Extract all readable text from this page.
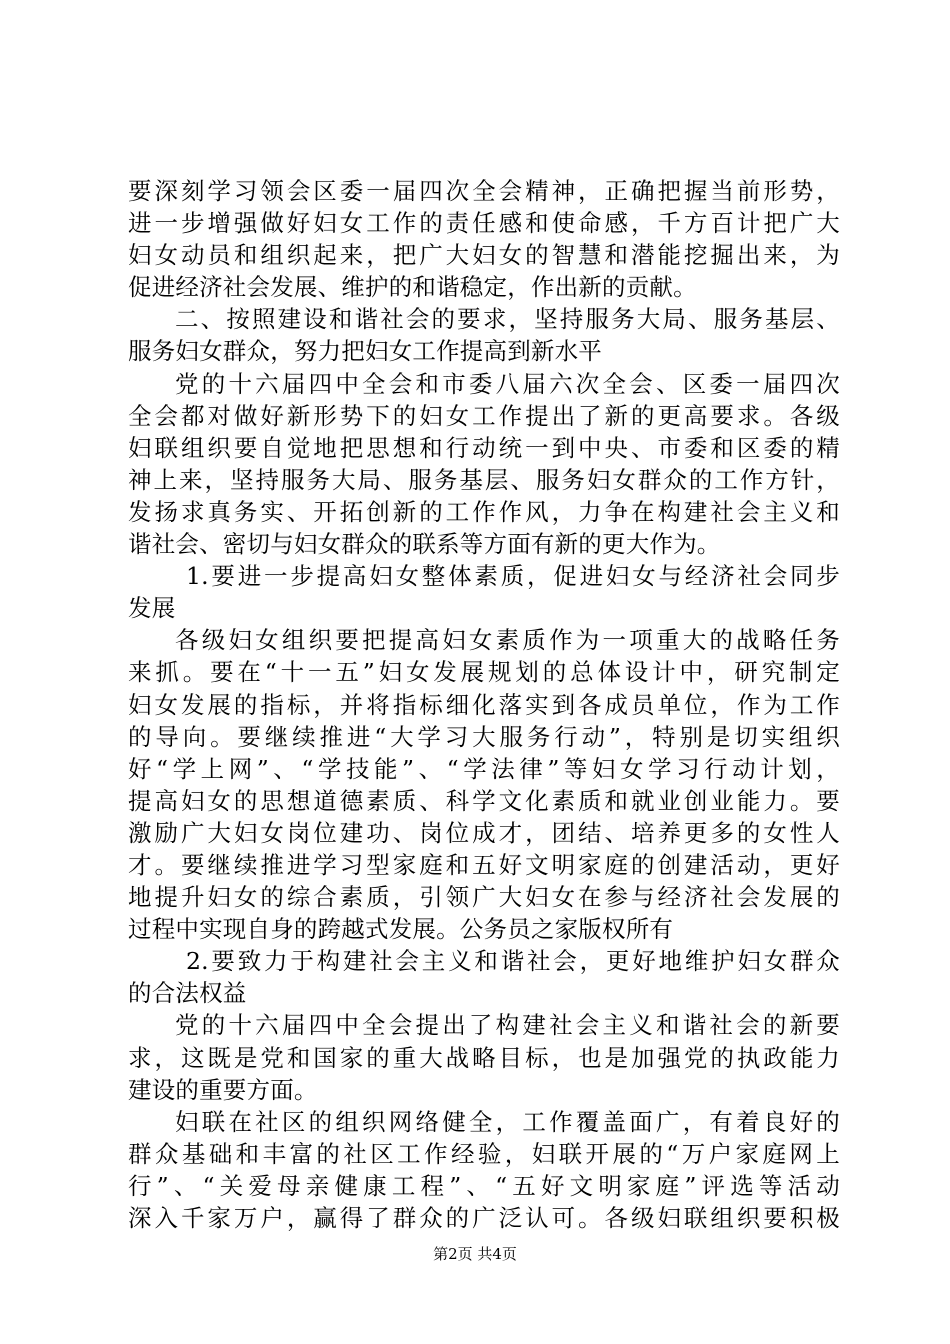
要深刻学习领会区委一届四次全会精神，正确把握当前形势，
进一步增强做好妇女工作的责任感和使命感，千方百计把广大
妇女动员和组织起来，把广大妇女的智慧和潜能挖掘出来，为
促进经济社会发展、维护的和谐稳定，作出新的贡献。
二、按照建设和谐社会的要求，坚持服务大局、服务基层、
服务妇女群众，努力把妇女工作提高到新水平
党的十六届四中全会和市委八届六次全会、区委一届四次
全会都对做好新形势下的妇女工作提出了新的更高要求。各级
妇联组织要自觉地把思想和行动统一到中央、市委和区委的精
神上来，坚持服务大局、服务基层、服务妇女群众的工作方针，
发扬求真务实、开拓创新的工作作风，力争在构建社会主义和
谐社会、密切与妇女群众的联系等方面有新的更大作为。
1.要进一步提高妇女整体素质，促进妇女与经济社会同步
发展
各级妇女组织要把提高妇女素质作为一项重大的战略任务
来抓。要在“十一五”妇女发展规划的总体设计中，研究制定
妇女发展的指标，并将指标细化落实到各成员单位，作为工作
的导向。要继续推进“大学习大服务行动”，特别是切实组织
好“学上网”、“学技能”、“学法律”等妇女学习行动计划，
提高妇女的思想道德素质、科学文化素质和就业创业能力。要
激励广大妇女岗位建功、岗位成才，团结、培养更多的女性人
才。要继续推进学习型家庭和五好文明家庭的创建活动，更好
地提升妇女的综合素质，引领广大妇女在参与经济社会发展的
过程中实现自身的跨越式发展。公务员之家版权所有
2.要致力于构建社会主义和谐社会，更好地维护妇女群众
的合法权益
党的十六届四中全会提出了构建社会主义和谐社会的新要
求，这既是党和国家的重大战略目标，也是加强党的执政能力
建设的重要方面。
妇联在社区的组织网络健全，工作覆盖面广，有着良好的
群众基础和丰富的社区工作经验，妇联开展的“万户家庭网上
行”、“关爱母亲健康工程”、“五好文明家庭”评选等活动
深入千家万户，赢得了群众的广泛认可。各级妇联组织要积极
第2页 共4页
